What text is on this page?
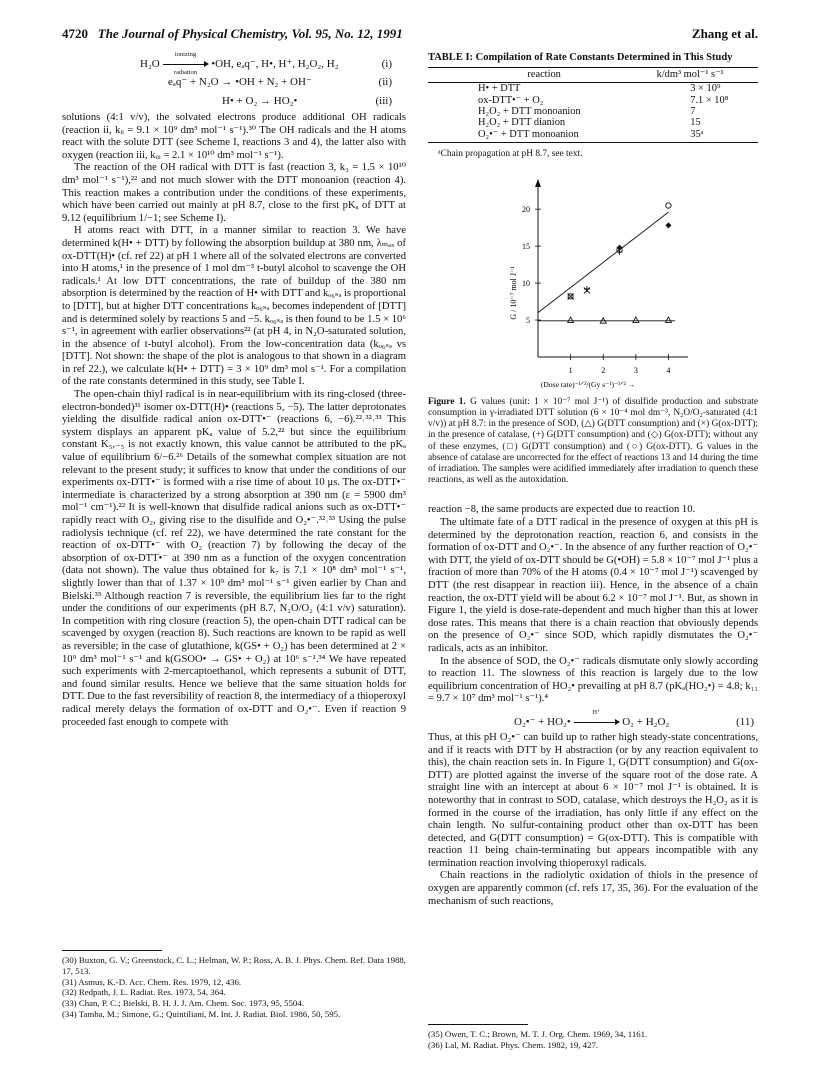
4720 The Journal of Physical Chemistry, Vol. 95, No. 12, 1991	Zhang et al.
H₂O
ionizing
radiation
•OH, eₐq⁻, H•, H⁺, H₂O₂, H₂	(i)
eₐq⁻ + N₂O → •OH + N₂ + OH⁻	(ii)
H• + O₂ → HO₂•	(iii)

solutions (4:1 v/v), the solvated electrons produce additional OH radicals (reaction ii, kᵢᵢ = 9.1 × 10⁹ dm³ mol⁻¹ s⁻¹).³⁰ The OH radicals and the H atoms react with the solute DTT (see Scheme I, reactions 3 and 4), the latter also with oxygen (reaction iii, kᵢᵢᵢ = 2.1 × 10¹⁰ dm³ mol⁻¹ s⁻¹).

The reaction of the OH radical with DTT is fast (reaction 3, k₃ = 1.5 × 10¹⁰ dm³ mol⁻¹ s⁻¹),²² and not much slower with the DTT monoanion (reaction 4). This reaction makes a contribution under the conditions of these experiments, which have been carried out mainly at pH 8.7, close to the first pKₐ of DTT at 9.12 (equilibrium 1/−1; see Scheme I).

H atoms react with DTT, in a manner similar to reaction 3. We have determined k(H• + DTT) by following the absorption buildup at 380 nm, λₘₐₓ of ox-DTT(H)• (cf. ref 22) at pH 1 where all of the solvated electrons are converted into H atoms,¹ in the presence of 1 mol dm⁻³ t-butyl alcohol to scavenge the OH radicals.¹ At low DTT concentrations, the rate of buildup of the 380 nm absorption is determined by the reaction of H• with DTT and kₒ₆ₛₔ is proportional to [DTT], but at higher DTT concentrations kₒ₆ₛₔ becomes independent of [DTT] and is determined solely by reactions 5 and −5. kₒ₆ₛₔ is then found to be 1.5 × 10⁶ s⁻¹, in agreement with earlier observations²² (at pH 4, in N₂O-saturated solution, in the absence of t-butyl alcohol). From the low-concentration data (kₒ₆ₛₔ vs [DTT]. Not shown: the shape of the plot is analogous to that shown in a diagram in ref 22.), we calculate k(H• + DTT) = 3 × 10⁹ dm³ mol s⁻¹. For a compilation of the rate constants determined in this study, see Table I.

The open-chain thiyl radical is in near-equilibrium with its ring-closed (three-electron-bonded)³¹ isomer ox-DTT(H)• (reactions 5, −5). The latter deprotonates yielding the disulfide radical anion ox-DTT•⁻ (reactions 6, −6).²²˒³²˒³³ This system displays an apparent pKₐ value of 5.2,²² but since the equilibrium constant K₅,₋₅ is not exactly known, this value cannot be attributed to the pKₐ value of equilibrium 6/−6.²⁶ Details of the somewhat complex situation are not relevant to the present study; it suffices to know that under the conditions of our experiments ox-DTT•⁻ is formed with a rise time of about 10 μs. The ox-DTT•⁻ intermediate is characterized by a strong absorption at 390 nm (ε = 5900 dm³ mol⁻¹ cm⁻¹).²² It is well-known that disulfide radical anions such as ox-DTT•⁻ rapidly react with O₂, giving rise to the disulfide and O₂•⁻.³²˒³³ Using the pulse radiolysis technique (cf. ref 22), we have determined the rate constant for the reaction of ox-DTT•⁻ with O₂ (reaction 7) by following the decay of the absorption of ox-DTT•⁻ at 390 nm as a function of the oxygen concentration (data not shown). The value thus obtained for k₇ is 7.1 × 10⁸ dm³ mol⁻¹ s⁻¹, slightly lower than that of 1.37 × 10⁹ dm³ mol⁻¹ s⁻¹ given earlier by Chan and Bielski.³³ Although reaction 7 is reversible, the equilibrium lies far to the right under the conditions of our experiments (pH 8.7, N₂O/O₂ (4:1 v/v) saturation). In competition with ring closure (reaction 5), the open-chain DTT radical can be scavenged by oxygen (reaction 8). Such reactions are known to be rapid as well as reversible; in the case of glutathione, k(GS• + O₂) has been determined at 2 × 10⁹ dm³ mol⁻¹ s⁻¹ and k(GSOO• → GS• + O₂) at 10⁶ s⁻¹.³⁴ We have repeated such experiments with 2-mercaptoethanol, which represents a subunit of DTT, and found similar results. Hence we believe that the same situation holds for DTT. Due to the fast reversibility of reaction 8, the intermediacy of a thioperoxyl radical merely delays the formation of ox-DTT and O₂•⁻. Even if reaction 9 proceeded fast enough to compete with

(30) Buxton, G. V.; Greenstock, C. L.; Helman, W. P.; Ross, A. B. J. Phys. Chem. Ref. Data 1988, 17, 513.
(31) Asmus, K.-D. Acc. Chem. Res. 1979, 12, 436.
(32) Redpath, J. L. Radiat. Res. 1973, 54, 364.
(33) Chan, P. C.; Bielski, B. H. J. J. Am. Chem. Soc. 1973, 95, 5504.
(34) Tamba, M.; Simone, G.; Quintiliani, M. Int. J. Radiat. Biol. 1986, 50, 595.
TABLE I: Compilation of Rate Constants Determined in This Study
reaction	k/dm³ mol⁻¹ s⁻¹
H• + DTT	3 × 10⁹
ox-DTT•⁻ + O₂	7.1 × 10⁸
H₂O₂ + DTT monoanion	7
H₂O₂ + DTT dianion	15
O₂•⁻ + DTT monoanion	35ᵃ
ᵃChain propagation at pH 8.7, see text.
5
10
15
20
1	2	3	4
G / 10⁻⁷ mol J⁻¹
(Dose rate)⁻¹ᐟ²/(Gy s⁻¹)⁻¹ᐟ² →
Figure 1. G values (unit: 1 × 10⁻⁷ mol J⁻¹) of disulfide production and substrate consumption in γ-irradiated DTT solution (6 × 10⁻⁴ mol dm⁻³, N₂O/O₂-saturated (4:1 v/v)) at pH 8.7: in the presence of SOD, (△) G(DTT consumption) and (×) G(ox-DTT); in the presence of catalase, (+) G(DTT consumption) and (◇) G(ox-DTT); without any of these enzymes, (□) G(DTT consumption) and (○) G(ox-DTT). G values in the absence of catalase are uncorrected for the effect of reactions 13 and 14 during the time of irradiation. The samples were acidified immediately after irradiation to quench these reactions, as well as the autoxidation.

reaction −8, the same products are expected due to reaction 10.

The ultimate fate of a DTT radical in the presence of oxygen at this pH is determined by the deprotonation reaction, reaction 6, and consists in the formation of ox-DTT and O₂•⁻. In the absence of any further reaction of O₂•⁻ with DTT, the yield of ox-DTT should be G(•OH) = 5.8 × 10⁻⁷ mol J⁻¹ plus a fraction of more than 70% of the H atoms (0.4 × 10⁻⁷ mol J⁻¹) scavenged by DTT (the rest disappear in reaction iii). Hence, in the absence of a chain reaction, the ox-DTT yield will be about 6.2 × 10⁻⁷ mol J⁻¹. But, as shown in Figure 1, the yield is dose-rate-dependent and much higher than this at lower dose rates. This means that there is a chain reaction that obviously depends on the presence of O₂•⁻ since SOD, which rapidly dismutates the O₂•⁻ radicals, acts as an inhibitor.

In the absence of SOD, the O₂•⁻ radicals dismutate only slowly according to reaction 11. The slowness of this reaction is largely due to the low equilibrium concentration of HO₂• prevailing at pH 8.7 (pKₐ(HO₂•) = 4.8; k₁₁ = 9.7 × 10⁷ dm³ mol⁻¹ s⁻¹).⁴

O₂•⁻ + HO₂•
H⁺
O₂ + H₂O₂	(11)

Thus, at this pH O₂•⁻ can build up to rather high steady-state concentrations, and if it reacts with DTT by H abstraction (or by any reaction equivalent to this), the chain reaction sets in. In Figure 1, G(DTT consumption) and G(ox-DTT) are plotted against the inverse of the square root of the dose rate. A straight line with an intercept at about 6 × 10⁻⁷ mol J⁻¹ is obtained. It is noteworthy that in contrast to SOD, catalase, which destroys the H₂O₂ as it is formed in the course of the irradiation, has only little if any effect on the chain length. No sulfur-containing product other than ox-DTT has been detected, and G(DTT consumption) = G(ox-DTT). This is compatible with reaction 11 being chain-terminating but appears incompatible with any termination reaction involving thioperoxyl radicals.

Chain reactions in the radiolytic oxidation of thiols in the presence of oxygen are apparently common (cf. refs 17, 35, 36). For the evaluation of the mechanism of such reactions,

(35) Owen, T. C.; Brown, M. T. J. Org. Chem. 1969, 34, 1161.
(36) Lal, M. Radiat. Phys. Chem. 1982, 19, 427.
